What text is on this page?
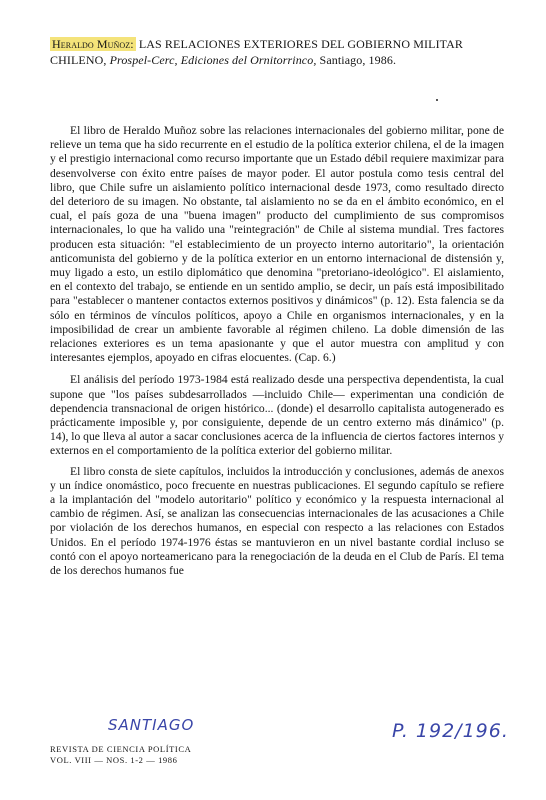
Heraldo Muñoz: LAS RELACIONES EXTERIORES DEL GOBIERNO MILITAR CHILENO, Prospel-Cerc, Ediciones del Ornitorrinco, Santiago, 1986.

El libro de Heraldo Muñoz sobre las relaciones internacionales del gobierno militar, pone de relieve un tema que ha sido recurrente en el estudio de la política exterior chilena, el de la imagen y el prestigio internacional como recurso importante que un Estado débil requiere maximizar para desenvolverse con éxito entre países de mayor poder. El autor postula como tesis central del libro, que Chile sufre un aislamiento político internacional desde 1973, como resultado directo del deterioro de su imagen. No obstante, tal aislamiento no se da en el ámbito económico, en el cual, el país goza de una "buena imagen" producto del cumplimiento de sus compromisos internacionales, lo que ha valido una "reintegración" de Chile al sistema mundial. Tres factores producen esta situación: "el establecimiento de un proyecto interno autoritario", la orientación anticomunista del gobierno y de la política exterior en un entorno internacional de distensión y, muy ligado a esto, un estilo diplomático que denomina "pretoriano-ideológico". El aislamiento, en el contexto del trabajo, se entiende en un sentido amplio, se decir, un país está imposibilitado para "establecer o mantener contactos externos positivos y dinámicos" (p. 12). Esta falencia se da sólo en términos de vínculos políticos, apoyo a Chile en organismos internacionales, y en la imposibilidad de crear un ambiente favorable al régimen chileno. La doble dimensión de las relaciones exteriores es un tema apasionante y que el autor muestra con amplitud y con interesantes ejemplos, apoyado en cifras elocuentes. (Cap. 6.)

El análisis del período 1973-1984 está realizado desde una perspectiva dependentista, la cual supone que "los países subdesarrollados —incluido Chile— experimentan una condición de dependencia transnacional de origen histórico... (donde) el desarrollo capitalista autogenerado es prácticamente imposible y, por consiguiente, depende de un centro externo más dinámico" (p. 14), lo que lleva al autor a sacar conclusiones acerca de la influencia de ciertos factores internos y externos en el comportamiento de la política exterior del gobierno militar.

El libro consta de siete capítulos, incluidos la introducción y conclusiones, además de anexos y un índice onomástico, poco frecuente en nuestras publicaciones. El segundo capítulo se refiere a la implantación del "modelo autoritario" político y económico y la respuesta internacional al cambio de régimen. Así, se analizan las consecuencias internacionales de las acusaciones a Chile por violación de los derechos humanos, en especial con respecto a las relaciones con Estados Unidos. En el período 1974-1976 éstas se mantuvieron en un nivel bastante cordial incluso se contó con el apoyo norteamericano para la renegociación de la deuda en el Club de París. El tema de los derechos humanos fue

SANTIAGO
REVISTA DE CIENCIA POLÍTICA
VOL. VIII — NOS. 1-2 — 1986
P. 192/196.
